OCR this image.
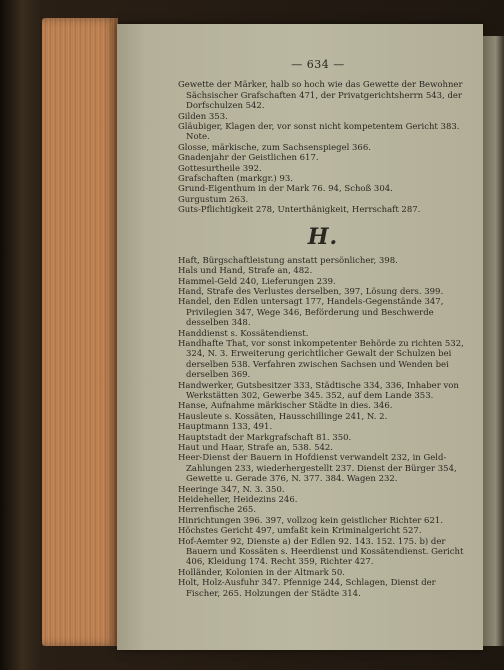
— 634 —

Gewette der Märker, halb so hoch wie das Gewette der Bewohner Sächsischer Grafschaften 471, der Privatgerichtsherrn 543, der Dorfschulzen 542.

Gilden 353.

Gläubiger, Klagen der, vor sonst nicht kompetentem Gericht 383. Note.

Glosse, märkische, zum Sachsenspiegel 366.

Gnadenjahr der Geistlichen 617.

Gottesurtheile 392.

Grafschaften (markgr.) 93.

Grund-Eigenthum in der Mark 76. 94, Schoß 304.

Gurgustum 263.

Guts-Pflichtigkeit 278, Unterthänigkeit, Herrschaft 287.

H.

Haft, Bürgschaftleistung anstatt persönlicher, 398.

Hals und Hand, Strafe an, 482.

Hammel-Geld 240, Lieferungen 239.

Hand, Strafe des Verlustes derselben, 397, Lösung ders. 399.

Handel, den Edlen untersagt 177, Handels-Gegenstände 347, Privilegien 347, Wege 346, Beförderung und Beschwerde desselben 348.

Handdienst s. Kossätendienst.

Handhafte That, vor sonst inkompetenter Behörde zu richten 532, 324, N. 3. Erweiterung gerichtlicher Gewalt der Schulzen bei derselben 538. Verfahren zwischen Sachsen und Wenden bei derselben 369.

Handwerker, Gutsbesitzer 333, Städtische 334, 336, Inhaber von Werkstätten 302, Gewerbe 345. 352, auf dem Lande 353.

Hanse, Aufnahme märkischer Städte in dies. 346.

Hausleute s. Kossäten, Hausschillinge 241, N. 2.

Hauptmann 133, 491.

Hauptstadt der Markgrafschaft 81. 350.

Haut und Haar, Strafe an, 538. 542.

Heer-Dienst der Bauern in Hofdienst verwandelt 232, in Geld-Zahlungen 233, wiederhergestellt 237. Dienst der Bürger 354, Gewette u. Gerade 376, N. 377. 384. Wagen 232.

Heeringe 347, N. 3. 350.

Heideheller, Heidezins 246.

Herrenfische 265.

Hinrichtungen 396. 397, vollzog kein geistlicher Richter 621.

Höchstes Gericht 497, umfaßt kein Kriminalgericht 527.

Hof-Aemter 92, Dienste a) der Edlen 92. 143. 152. 175. b) der Bauern und Kossäten s. Heerdienst und Kossätendienst. Gericht 406, Kleidung 174. Recht 359, Richter 427.

Holländer, Kolonien in der Altmark 50.

Holt, Holz-Ausfuhr 347. Pfennige 244, Schlagen, Dienst der Fischer, 265. Holzungen der Städte 314.
